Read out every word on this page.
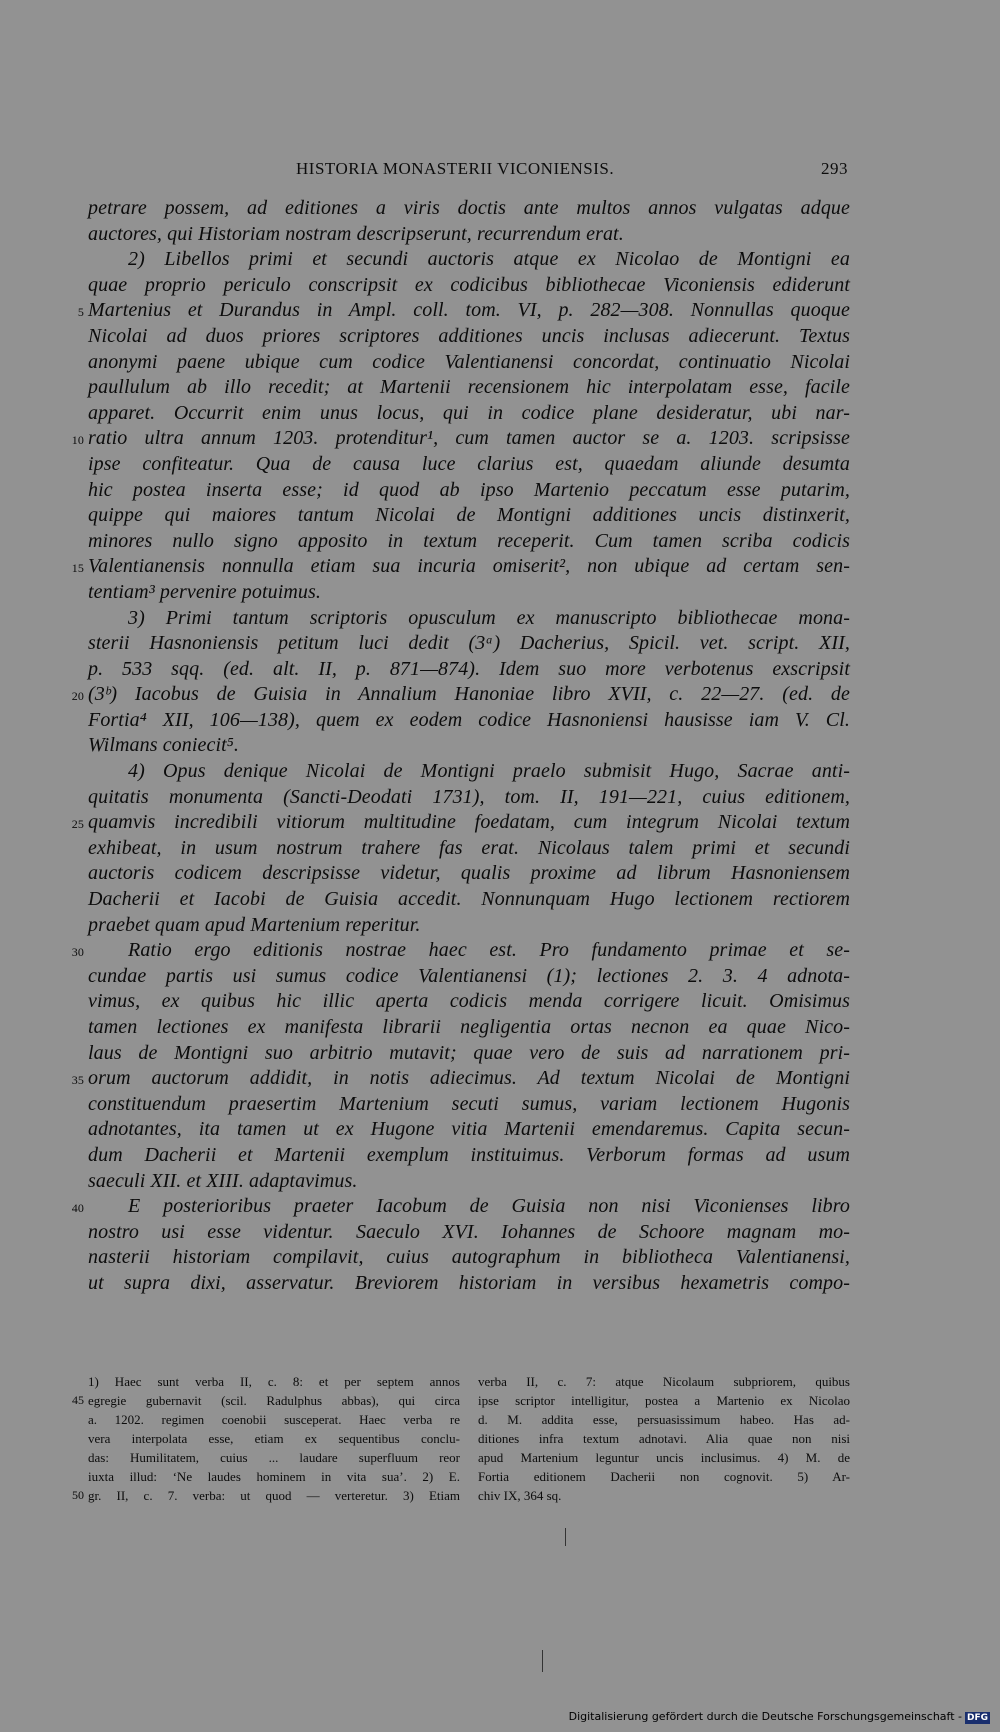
HISTORIA MONASTERII VICONIENSIS.	293
petrare possem, ad editiones a viris doctis ante multos annos vulgatas adque
auctores, qui Historiam nostram descripserunt, recurrendum erat.
2) Libellos primi et secundi auctoris atque ex Nicolao de Montigni ea
quae proprio periculo conscripsit ex codicibus bibliothecae Viconiensis ediderunt
5 Martenius et Durandus in Ampl. coll. tom. VI, p. 282—308. Nonnullas quoque
Nicolai ad duos priores scriptores additiones uncis inclusas adiecerunt. Textus
anonymi paene ubique cum codice Valentianensi concordat, continuatio Nicolai
paullulum ab illo recedit; at Martenii recensionem hic interpolatam esse, facile
apparet. Occurrit enim unus locus, qui in codice plane desideratur, ubi nar-
10 ratio ultra annum 1203. protenditur¹, cum tamen auctor se a. 1203. scripsisse
ipse confiteatur. Qua de causa luce clarius est, quaedam aliunde desumta
hic postea inserta esse; id quod ab ipso Martenio peccatum esse putarim,
quippe qui maiores tantum Nicolai de Montigni additiones uncis distinxerit,
minores nullo signo apposito in textum receperit. Cum tamen scriba codicis
15 Valentianensis nonnulla etiam sua incuria omiserit², non ubique ad certam sen-
tentiam³ pervenire potuimus.
3) Primi tantum scriptoris opusculum ex manuscripto bibliothecae mona-
sterii Hasnoniensis petitum luci dedit (3ᵃ) Dacherius, Spicil. vet. script. XII,
p. 533 sqq. (ed. alt. II, p. 871—874). Idem suo more verbotenus exscripsit
20 (3ᵇ) Iacobus de Guisia in Annalium Hanoniae libro XVII, c. 22—27. (ed. de
Fortia⁴ XII, 106—138), quem ex eodem codice Hasnoniensi hausisse iam V. Cl.
Wilmans coniecit⁵.
4) Opus denique Nicolai de Montigni praelo submisit Hugo, Sacrae anti-
quitatis monumenta (Sancti-Deodati 1731), tom. II, 191—221, cuius editionem,
25 quamvis incredibili vitiorum multitudine foedatam, cum integrum Nicolai textum
exhibeat, in usum nostrum trahere fas erat. Nicolaus talem primi et secundi
auctoris codicem descripsisse videtur, qualis proxime ad librum Hasnoniensem
Dacherii et Iacobi de Guisia accedit. Nonnunquam Hugo lectionem rectiorem
praebet quam apud Martenium reperitur.
30	Ratio ergo editionis nostrae haec est. Pro fundamento primae et se-
cundae partis usi sumus codice Valentianensi (1); lectiones 2. 3. 4 adnota-
vimus, ex quibus hic illic aperta codicis menda corrigere licuit. Omisimus
tamen lectiones ex manifesta librarii negligentia ortas necnon ea quae Nico-
laus de Montigni suo arbitrio mutavit; quae vero de suis ad narrationem pri-
35 orum auctorum addidit, in notis adiecimus. Ad textum Nicolai de Montigni
constituendum praesertim Martenium secuti sumus, variam lectionem Hugonis
adnotantes, ita tamen ut ex Hugone vitia Martenii emendaremus. Capita secun-
dum Dacherii et Martenii exemplum instituimus. Verborum formas ad usum
saeculi XII. et XIII. adaptavimus.
40	E posterioribus praeter Iacobum de Guisia non nisi Viconienses libro
nostro usi esse videntur. Saeculo XVI. Iohannes de Schoore magnam mo-
nasterii historiam compilavit, cuius autographum in bibliotheca Valentianensi,
ut supra dixi, asservatur. Breviorem historiam in versibus hexametris compo-
1) Haec sunt verba II, c. 8: et per septem annos
45 egregie gubernavit (scil. Radulphus abbas), qui circa
a. 1202. regimen coenobii susceperat. Haec verba re
vera interpolata esse, etiam ex sequentibus conclu-
das: Humilitatem, cuius ... laudare superfluum reor
iuxta illud: ‘Ne laudes hominem in vita sua’. 2) E.
50 gr. II, c. 7. verba: ut quod — verteretur. 3) Etiam
verba II, c. 7: atque Nicolaum subpriorem, quibus
ipse scriptor intelligitur, postea a Martenio ex Nicolao
d. M. addita esse, persuasissimum habeo. Has ad-
ditiones infra textum adnotavi. Alia quae non nisi
apud Martenium leguntur uncis inclusimus. 4) M. de
Fortia editionem Dacherii non cognovit. 5) Ar-
chiv IX, 364 sq.
Digitalisierung gefördert durch die Deutsche Forschungsgemeinschaft - DFG
